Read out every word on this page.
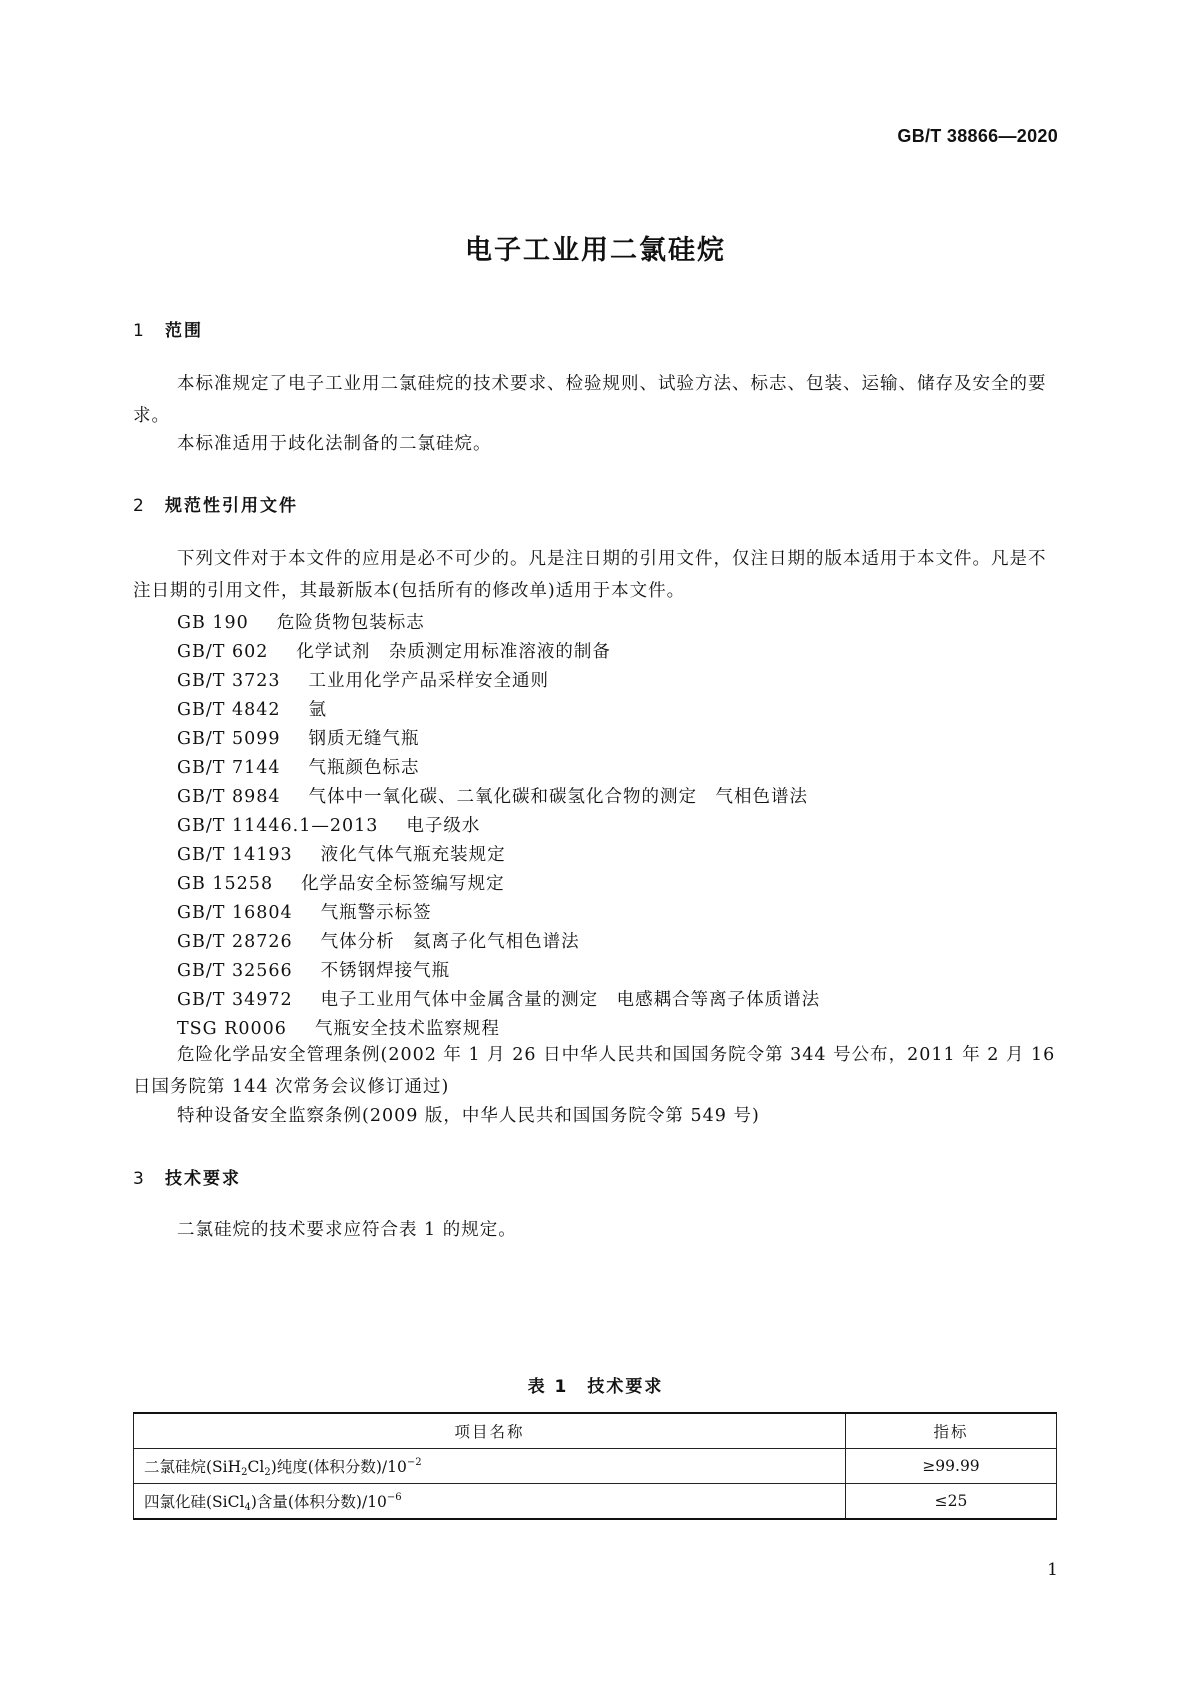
GB/T 38866—2020
电子工业用二氯硅烷
1 范围
本标准规定了电子工业用二氯硅烷的技术要求、检验规则、试验方法、标志、包装、运输、储存及安全的要求。
本标准适用于歧化法制备的二氯硅烷。
2 规范性引用文件
下列文件对于本文件的应用是必不可少的。凡是注日期的引用文件，仅注日期的版本适用于本文件。凡是不注日期的引用文件，其最新版本(包括所有的修改单)适用于本文件。
GB 190 危险货物包装标志
GB/T 602 化学试剂　杂质测定用标准溶液的制备
GB/T 3723 工业用化学产品采样安全通则
GB/T 4842 氩
GB/T 5099 钢质无缝气瓶
GB/T 7144 气瓶颜色标志
GB/T 8984 气体中一氧化碳、二氧化碳和碳氢化合物的测定　气相色谱法
GB/T 11446.1—2013 电子级水
GB/T 14193 液化气体气瓶充装规定
GB 15258 化学品安全标签编写规定
GB/T 16804 气瓶警示标签
GB/T 28726 气体分析　氦离子化气相色谱法
GB/T 32566 不锈钢焊接气瓶
GB/T 34972 电子工业用气体中金属含量的测定　电感耦合等离子体质谱法
TSG R0006 气瓶安全技术监察规程
危险化学品安全管理条例(2002 年 1 月 26 日中华人民共和国国务院令第 344 号公布，2011 年 2 月 16 日国务院第 144 次常务会议修订通过)
特种设备安全监察条例(2009 版，中华人民共和国国务院令第 549 号)
3 技术要求
二氯硅烷的技术要求应符合表 1 的规定。
表 1　技术要求
项目名称	指标
二氯硅烷$(SiH_2Cl_2)$纯度(体积分数)$/10^{-2}$	≥99.99
四氯化硅(SiCl$_4$)含量(体积分数)$/10^{-6}$	≤25
1
